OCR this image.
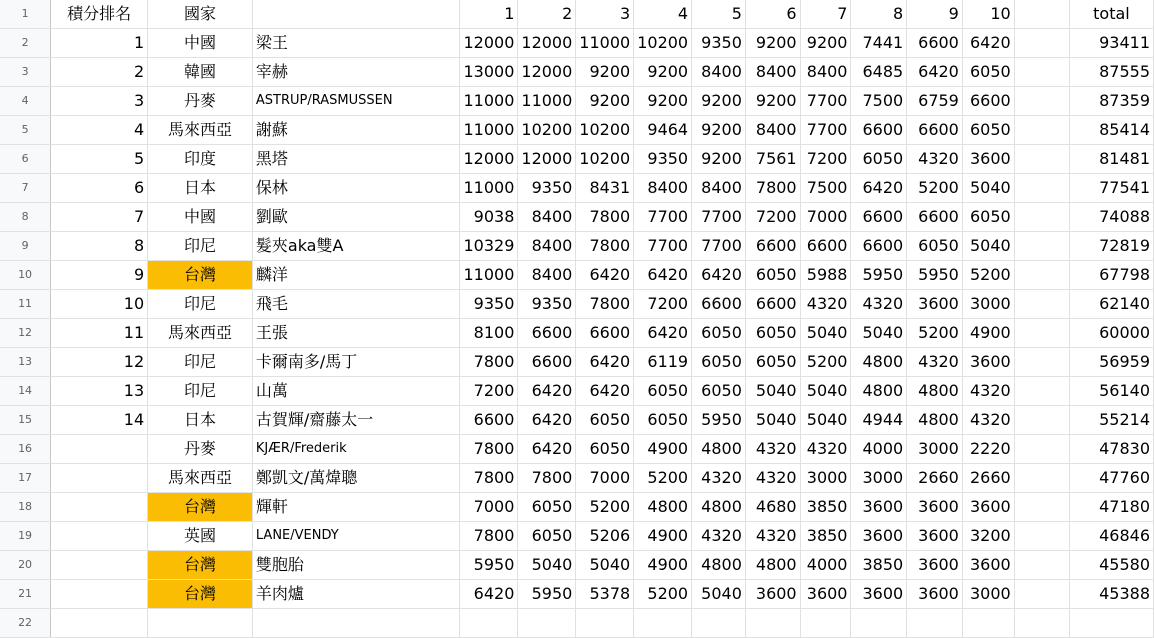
1	積分排名	國家		1	2	3	4	5	6	7	8	9	10		total
2	1	中國	梁王	12000	12000	11000	10200	9350	9200	9200	7441	6600	6420		93411
3	2	韓國	宰赫	13000	12000	9200	9200	8400	8400	8400	6485	6420	6050		87555
4	3	丹麥	ASTRUP/RASMUSSEN	11000	11000	9200	9200	9200	9200	7700	7500	6759	6600		87359
5	4	馬來西亞	謝蘇	11000	10200	10200	9464	9200	8400	7700	6600	6600	6050		85414
6	5	印度	黑塔	12000	12000	10200	9350	9200	7561	7200	6050	4320	3600		81481
7	6	日本	保林	11000	9350	8431	8400	8400	7800	7500	6420	5200	5040		77541
8	7	中國	劉歐	9038	8400	7800	7700	7700	7200	7000	6600	6600	6050		74088
9	8	印尼	髮夾aka雙A	10329	8400	7800	7700	7700	6600	6600	6600	6050	5040		72819
10	9	台灣	麟洋	11000	8400	6420	6420	6420	6050	5988	5950	5950	5200		67798
11	10	印尼	飛毛	9350	9350	7800	7200	6600	6600	4320	4320	3600	3000		62140
12	11	馬來西亞	王張	8100	6600	6600	6420	6050	6050	5040	5040	5200	4900		60000
13	12	印尼	卡爾南多/馬丁	7800	6600	6420	6119	6050	6050	5200	4800	4320	3600		56959
14	13	印尼	山萬	7200	6420	6420	6050	6050	5040	5040	4800	4800	4320		56140
15	14	日本	古賀輝/齋藤太一	6600	6420	6050	6050	5950	5040	5040	4944	4800	4320		55214
16		丹麥	KJÆR/Frederik	7800	6420	6050	4900	4800	4320	4320	4000	3000	2220		47830
17		馬來西亞	鄭凱文/萬煒聰	7800	7800	7000	5200	4320	4320	3000	3000	2660	2660		47760
18		台灣	輝軒	7000	6050	5200	4800	4800	4680	3850	3600	3600	3600		47180
19		英國	LANE/VENDY	7800	6050	5206	4900	4320	4320	3850	3600	3600	3200		46846
20		台灣	雙胞胎	5950	5040	5040	4900	4800	4800	4000	3850	3600	3600		45580
21		台灣	羊肉爐	6420	5950	5378	5200	5040	3600	3600	3600	3600	3000		45388
22															
